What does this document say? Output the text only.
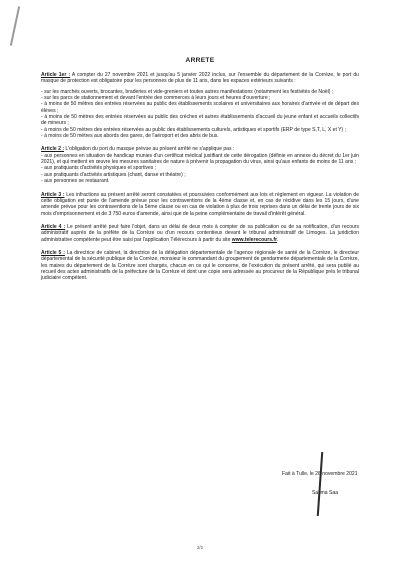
ARRETE

Article 1er : A compter du 27 novembre 2021 et jusqu'au 5 janvier 2022 inclus, sur l'ensemble du département de la Corrèze, le port du masque de protection est obligatoire pour les personnes de plus de 11 ans, dans les espaces extérieurs suivants :

- sur les marchés ouverts, brocantes, braderies et vide-greniers et toutes autres manifestations (notamment les festivités de Noël) ;

- sur les parcs de stationnement et devant l'entrée des commerces à leurs jours et heures d'ouverture ;

- à moins de 50 mètres des entrées réservées au public des établissements scolaires et universitaires aux horaires d'arrivée et de départ des élèves ;

- à moins de 50 mètres des entrées réservées au public des crèches et autres établissements d'accueil du jeune enfant et accueils collectifs de mineurs ;

- à moins de 50 mètres des entrées réservées au public des établissements culturels, artistiques et sportifs (ERP de type S,T, L, X et Y) ;

- à moins de 50 mètres aux abords des gares, de l'aéroport et des abris de bus.

Article 2 : L'obligation du port du masque prévue au présent arrêté ne s'applique pas :

- aux personnes en situation de handicap munies d'un certificat médical justifiant de cette dérogation (définie en annexe du décret du 1er juin 2021), et qui mettent en œuvre les mesures sanitaires de nature à prévenir la propagation du virus, ainsi qu'aux enfants de moins de 11 ans ;

- aux pratiquants d'activités physiques et sportives ;

- aux pratiquants d'activités artistiques (chant, danse et théatre) ;

- aux personnes se restaurant.

Article 3 : Les infractions au présent arrêté seront constatées et poursuivies conformément aux lois et règlement en vigueur. La violation de cette obligation est punie de l'amende prévue pour les contraventions de la 4ème classe et, en cas de récidive dans les 15 jours, d'une amende prévue pour les contraventions de la 5ème classe ou en cas de violation à plus de trois reprises dans un délai de trente jours de six mois d'emprisonnement et de 3 750 euros d'amende, ainsi que de la peine complémentaire de travail d'intérêt général.

Article 4 : Le présent arrêté peut faire l'objet, dans un délai de deux mois à compter de sa publication ou de sa notification, d'un recours administratif auprès de la préfète de la Corrèze ou d'un recours contentieux devant le tribunal administratif de Limoges. La juridiction administrative compétente peut être saisi par l'application Télérecours à partir du site www.telerecours.fr.

Article 5 : La directrice de cabinet, la directrice de la délégation départementale de l'agence régionale de santé de la Corrèze, le directeur départemental de la sécurité publique de la Corrèze, monsieur le commandant du groupement de gendarmerie départementale de la Corrèze, les maires du département de la Corrèze sont chargés, chacun en ce qui le concerne, de l'exécution du présent arrêté, qui sera publié au recueil des actes administratifs de la préfecture de la Corrèze et dont une copie sera adressée au procureur de la République près le tribunal judiciaire compétent.

Fait à Tulle, le 26 novembre 2021
Salima Saa
2/2
